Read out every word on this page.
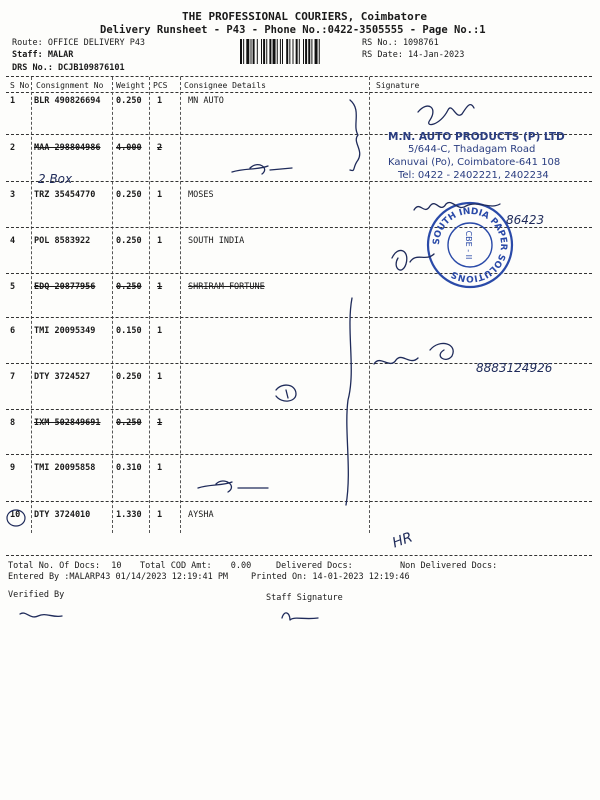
THE PROFESSIONAL COURIERS, Coimbatore
Delivery Runsheet - P43 - Phone No.:0422-3505555 - Page No.:1
Route: OFFICE DELIVERY P43
Staff: MALAR
DRS No.: DCJB109876101
RS No.: 1098761
RS Date: 14-Jan-2023
S No Consignment No Weight PCS Consignee Details	Signature
1 BLR 490826694 0.250 1	MN AUTO
2 MAA 298804986 4.000 2
3 TRZ 35454770 0.250 1	MOSES
4 POL 8583922	0.250 1	SOUTH INDIA
5 EDQ 20877956 0.250 1	SHRIRAM FORTUNE
6 TMI 20095349 0.150 1
7 DTY 3724527	0.250 1
8 IXM 502849691 0.250 1
9 TMI 20095858 0.310 1
10 DTY 3724010	1.330 1	AYSHA
M.N. AUTO PRODUCTS (P) LTD
5/644-C, Thadagam Road
Kanuvai (Po), Coimbatore-641 108
Tel: 0422 - 2402221, 2402234
SOUTH INDIA PAPER SOLUTIONS
CBE - II
2 Box
86423
8883124926
HR
Total No. Of Docs: 10 Total COD Amt: 0.00	Delivered Docs:	Non Delivered Docs:
Entered By :MALARP43 01/14/2023 12:19:41 PM	Printed On: 14-01-2023 12:19:46
Verified By	Staff Signature
